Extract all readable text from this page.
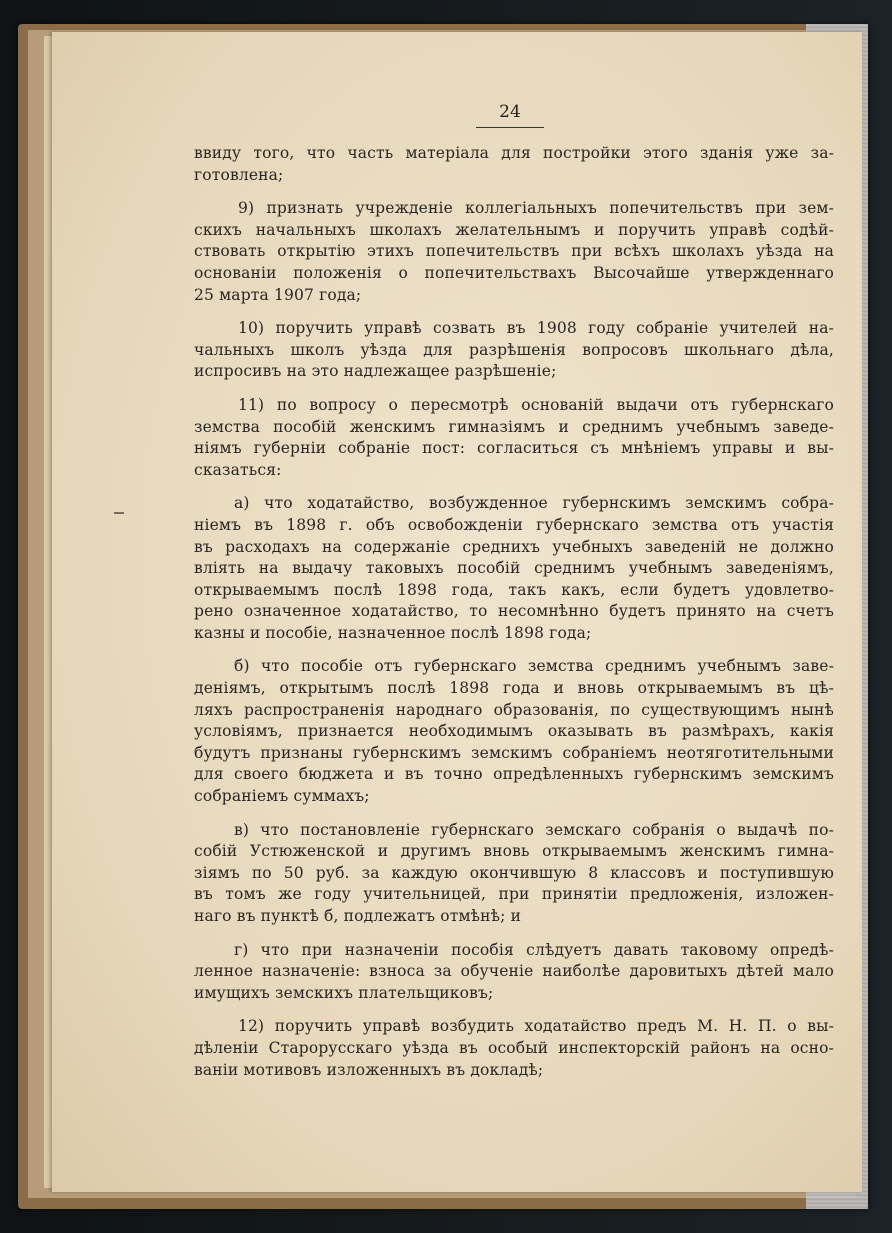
24

ввиду того, что часть матеріала для постройки этого зданія уже за-
готовлена;

9) признать учрежденіе коллегіальныхъ попечительствъ при зем-
скихъ начальныхъ школахъ желательнымъ и поручить управѣ содѣй-
ствовать открытію этихъ попечительствъ при всѣхъ школахъ уѣзда на
основаніи положенія о попечительствахъ Высочайше утвержденнаго
25 марта 1907 года;

10) поручить управѣ созвать въ 1908 году собраніе учителей на-
чальныхъ школъ уѣзда для разрѣшенія вопросовъ школьнаго дѣла,
испросивъ на это надлежащее разрѣшеніе;

11) по вопросу о пересмотрѣ основаній выдачи отъ губернскаго
земства пособій женскимъ гимназіямъ и среднимъ учебнымъ заведе-
ніямъ губерніи собраніе пост: согласиться съ мнѣніемъ управы и вы-
сказаться:

а) что ходатайство, возбужденное губернскимъ земскимъ собра-
ніемъ въ 1898 г. объ освобожденіи губернскаго земства отъ участія
въ расходахъ на содержаніе среднихъ учебныхъ заведеній не должно
вліять на выдачу таковыхъ пособій среднимъ учебнымъ заведеніямъ,
открываемымъ послѣ 1898 года, такъ какъ, если будетъ удовлетво-
рено означенное ходатайство, то несомнѣнно будетъ принято на счетъ
казны и пособіе, назначенное послѣ 1898 года;

б) что пособіе отъ губернскаго земства среднимъ учебнымъ заве-
деніямъ, открытымъ послѣ 1898 года и вновь открываемымъ въ цѣ-
ляхъ распространенія народнаго образованія, по существующимъ нынѣ
условіямъ, признается необходимымъ оказывать въ размѣрахъ, какія
будутъ признаны губернскимъ земскимъ собраніемъ неотяготительными
для своего бюджета и въ точно опредѣленныхъ губернскимъ земскимъ
собраніемъ суммахъ;

в) что постановленіе губернскаго земскаго собранія о выдачѣ по-
собій Устюженской и другимъ вновь открываемымъ женскимъ гимна-
зіямъ по 50 руб. за каждую окончившую 8 классовъ и поступившую
въ томъ же году учительницей, при принятіи предложенія, изложен-
наго въ пунктѣ б, подлежатъ отмѣнѣ; и

г) что при назначеніи пособія слѣдуетъ давать таковому опредѣ-
ленное назначеніе: взноса за обученіе наиболѣе даровитыхъ дѣтей мало
имущихъ земскихъ плательщиковъ;

12) поручить управѣ возбудить ходатайство предъ М. Н. П. о вы-
дѣленіи Старорусскаго уѣзда въ особый инспекторскій районъ на осно-
ваніи мотивовъ изложенныхъ въ докладѣ;
